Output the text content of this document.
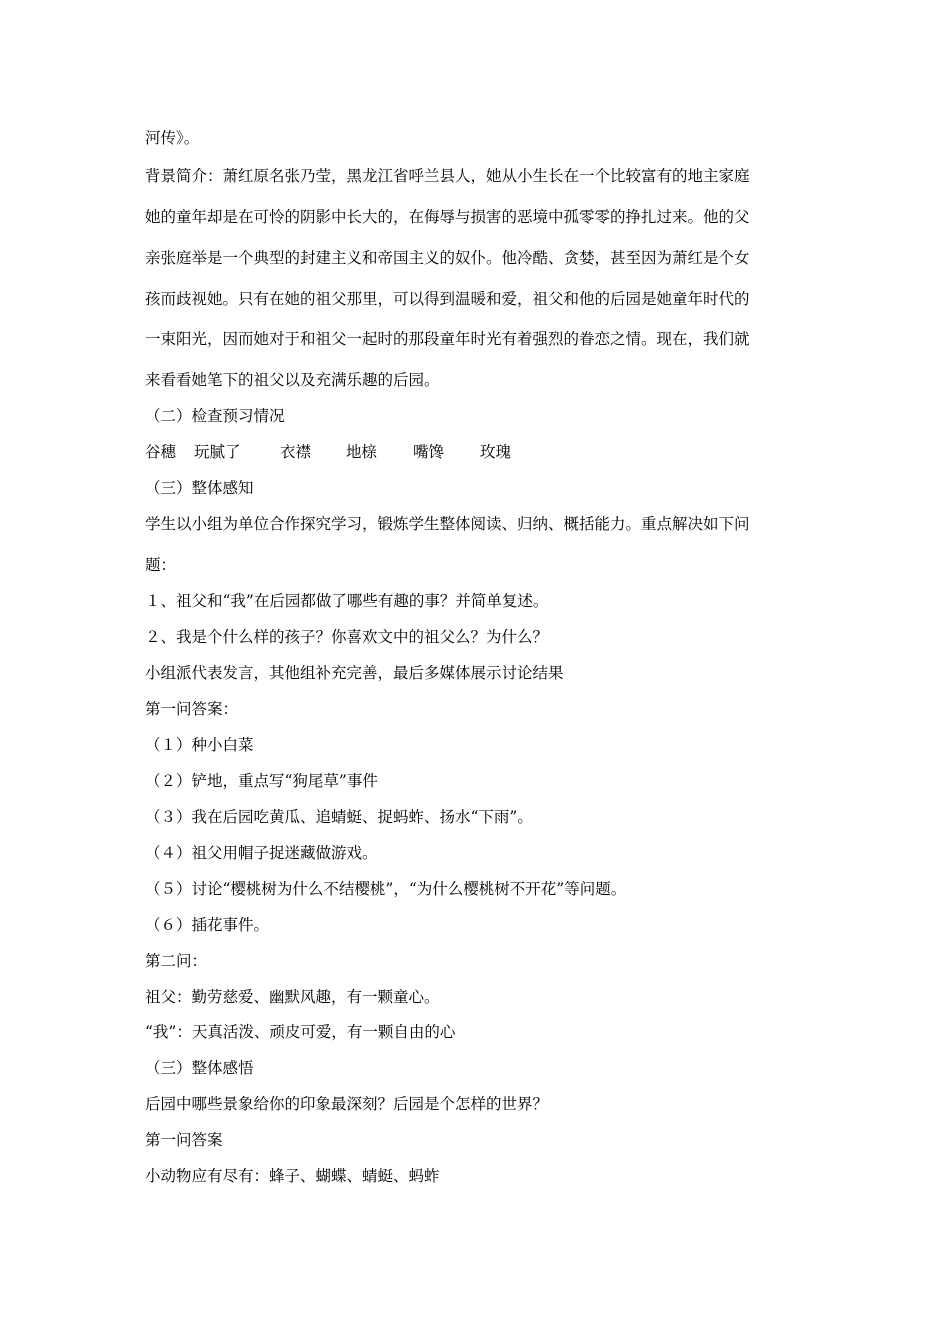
河传》。
背景简介：萧红原名张乃莹，黑龙江省呼兰县人，她从小生长在一个比较富有的地主家庭
她的童年却是在可怜的阴影中长大的，在侮辱与损害的恶境中孤零零的挣扎过来。他的父
亲张庭举是一个典型的封建主义和帝国主义的奴仆。他冷酷、贪婪，甚至因为萧红是个女
孩而歧视她。只有在她的祖父那里，可以得到温暖和爱，祖父和他的后园是她童年时代的
一束阳光，因而她对于和祖父一起时的那段童年时光有着强烈的眷恋之情。现在，我们就
来看看她笔下的祖父以及充满乐趣的后园。
（二）检查预习情况
谷穗 玩腻了	衣襟 地榇 嘴馋 玫瑰
（三）整体感知
学生以小组为单位合作探究学习，锻炼学生整体阅读、归纳、概括能力。重点解决如下问
题：
１、祖父和“我”在后园都做了哪些有趣的事？并简单复述。
２、我是个什么样的孩子？你喜欢文中的祖父么？为什么？
小组派代表发言，其他组补充完善，最后多媒体展示讨论结果
第一问答案：
（１）种小白菜
（２）铲地，重点写“狗尾草”事件
（３）我在后园吃黄瓜、追蜻蜓、捉蚂蚱、扬水“下雨”。
（４）祖父用帽子捉迷藏做游戏。
（５）讨论“樱桃树为什么不结樱桃”，“为什么樱桃树不开花”等问题。
（６）插花事件。
第二问：
祖父：勤劳慈爱、幽默风趣，有一颗童心。
“我”：天真活泼、顽皮可爱，有一颗自由的心
（三）整体感悟
后园中哪些景象给你的印象最深刻？后园是个怎样的世界？
第一问答案
小动物应有尽有：蜂子、蝴蝶、蜻蜓、蚂蚱
